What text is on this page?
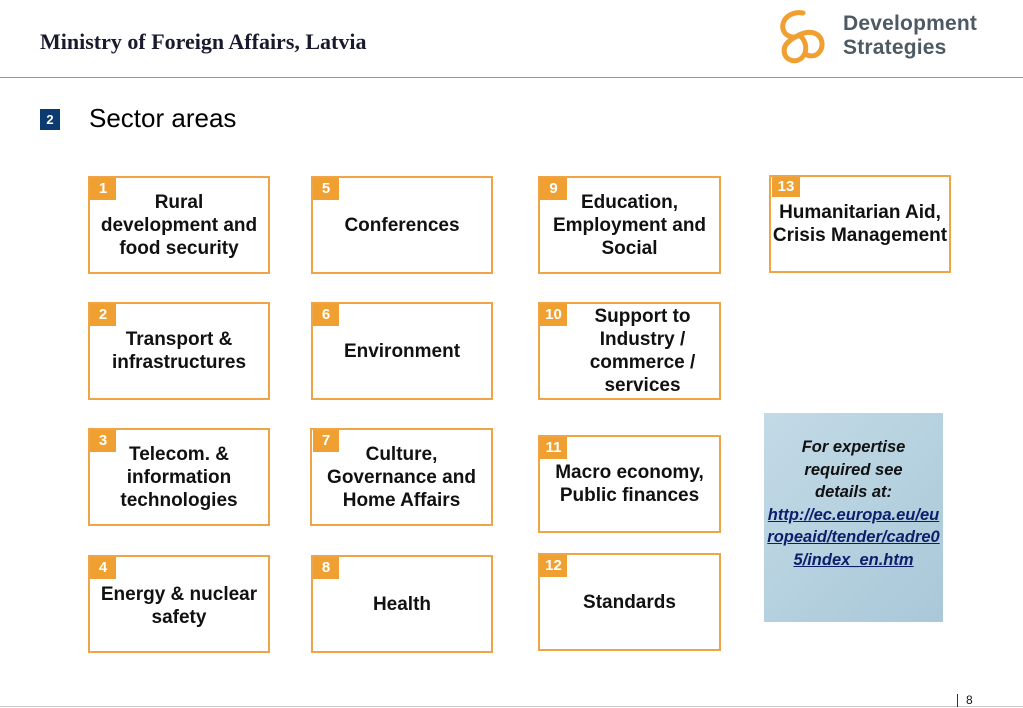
Ministry of Foreign Affairs, Latvia
Development
Strategies
2 Sector areas
Rural development and food security
1
Transport & infrastructures
2
Telecom. & information technologies
3
Energy & nuclear safety
4
Conferences
5
Environment
6
Culture, Governance and Home Affairs
7
Health
8
Education, Employment and Social
9
Support to Industry / commerce / services
10
Macro economy, Public finances
11
Standards
12
Humanitarian Aid, Crisis Management
13
For expertise required see details at:
http://ec.europa.eu/europeaid/tender/cadre05/index_en.htm
8
